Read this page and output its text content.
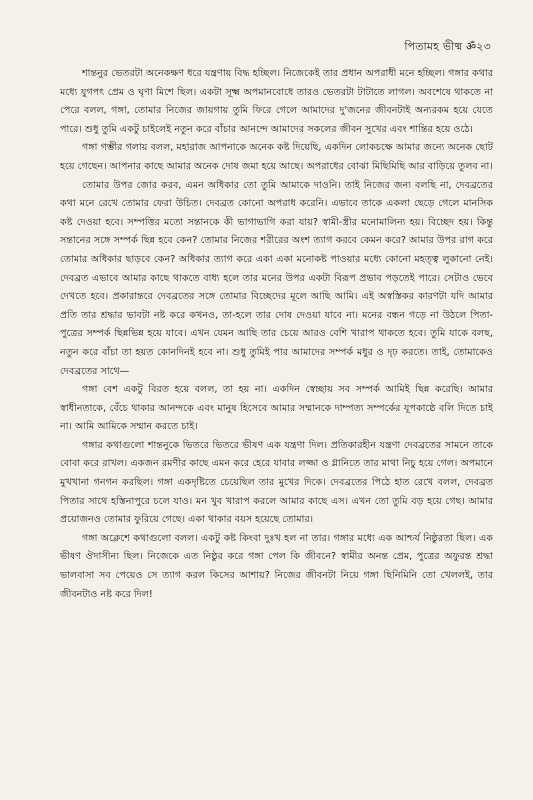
পিতামহ ভীষ্ম ॐ২৩

শান্তনুর ভেতরটা অনেকক্ষণ ধরে যন্ত্রণায় বিদ্ধ হচ্ছিল। নিজেকেই তার প্রধান অপরাধী মনে হচ্ছিল। গঙ্গার কথার মধ্যে যুগপৎ প্রেম ও ঘৃণা মিশে ছিল। একটা সূক্ষ্ম অপমানবোধে তারও ভেতরটা টাটাতে লাগল। অবশেষে থাকতে না পেরে বলল, গঙ্গা, তোমার নিজের জায়গায় তুমি ফিরে গেলে আমাদের দু'জনের জীবনটাই অন্যরকম হয়ে যেতে পারে। শুধু তুমি একটু চাইলেই নতুন করে বাঁচার আনন্দে আমাদের সকলের জীবন সুখের এবং শান্তির হয়ে ওঠে।

গঙ্গা গম্ভীর গলায় বলল, মহারাজ আপনাকে অনেক কষ্ট দিয়েছি, একদিন লোকচক্ষে আমার জন্যে অনেক ছোট হয়ে গেছেন। আপনার কাছে আমার অনেক দোষ জমা হয়ে আছে। অপরাধের বোঝা মিছিমিছি আর বাড়িয়ে তুলব না।

তোমার উপর জোর করব, এমন অধিকার তো তুমি আমাকে দাওনি। তাই নিজের জন্য বলছি না, দেবব্রতের কথা মনে রেখে তোমার ফেরা উচিত। দেবব্রত কোনো অপরাধ করেনি। এভাবে তাকে একলা ছেড়ে গেলে মানসিক কষ্ট দেওয়া হবে। সম্পত্তির মতো সন্তানকে কী ভাগাভাগি করা যায়? স্বামী-স্ত্রীর মনোমালিন্য হয়। বিচ্ছেদ হয়। কিন্তু সন্তানের সঙ্গে সম্পর্ক ছিন্ন হবে কেন? তোমার নিজের শরীরের অংশ ত্যাগ করবে কেমন করে? আমার উপর রাগ করে তোমার অধিকার ছাড়বে কেন? অধিকার ত্যাগ করে একা একা মনোকষ্ট পাওয়ার মধ্যে কোনো মহত্ত্ব লুকানো নেই। দেবব্রত এভাবে আমার কাছে থাকতে বাধ্য হলে তার মনের উপর একটা বিরূপ প্রভাব পড়তেই পারে। সেটাও ভেবে দেখতে হবে। প্রকারান্তরে দেবব্রতের সঙ্গে তোমার বিচ্ছেদের মূলে আছি আমি। এই অস্বস্তিকর কারণটা যদি আমার প্রতি তার শ্রদ্ধার ভাবটা নষ্ট করে কখনও, তা-হলে তার দোষ দেওয়া যাবে না। মনের বন্ধন গড়ে না উঠলে পিতা-পুত্রের সম্পর্ক ছিন্নভিন্ন হয়ে যাবে। এখন যেমন আছি তার চেয়ে আরও বেশি খারাপ থাকতে হবে। তুমি যাকে বলছ, নতুন করে বাঁচা তা হয়ত কোনদিনই হবে না। শুধু তুমিই পার আমাদের সম্পর্ক মধুর ও দৃঢ় করতে। তাই, তোমাকেও দেবব্রতের সাথে—

গঙ্গা বেশ একটু বিরত হয়ে বলল, তা হয় না। একদিন স্বেচ্ছায় সব সম্পর্ক আমিই ছিন্ন করেছি। আমার স্বাধীনতাকে, বেঁচে থাকার আনন্দকে এবং মানুষ হিসেবে আমার সম্মানকে দাম্পত্য সম্পর্কের যূপকাষ্ঠে বলি দিতে চাই না। আমি আমিকে সম্মান করতে চাই।

গঙ্গার কথাগুলো শান্তনুকে ভিতরে ভিতরে ভীষণ এক যন্ত্রণা দিল। প্রতিকারহীন যন্ত্রণা দেবব্রতের সামনে তাকে বোবা করে রাখল। একজন রমণীর কাছে এমন করে হেরে যাবার লজ্জা ও গ্লানিতে তার মাথা নিচু হয়ে গেল। অপমানে মুখখানা গনগন করছিল। গঙ্গা একদৃষ্টিতে চেয়েছিল তার মুখের দিকে। দেবব্রতের পিঠে হাত রেখে বলল, দেবব্রত পিতার সাথে হস্তিনাপুরে চলে যাও। মন খুব খারাপ করলে আমার কাছে এস। এখন তো তুমি বড় হয়ে গেছ। আমার প্রয়োজনও তোমার ফুরিয়ে গেছে। একা থাকার বয়স হয়েছে তোমার।

গঙ্গা অক্লেশে কথাগুলো বলল। একটু কষ্ট কিংবা দুঃখ হল না তার। গঙ্গার মধ্যে এক আশ্চর্য নিষ্ঠুরতা ছিল। এক ভীষণ ঔদাসীন্য ছিল। নিজেকে এত নিষ্ঠুর করে গঙ্গা পেল কি জীবনে? স্বামীর অনন্ত প্রেম, পুত্রের অফুরন্ত শ্রদ্ধা ভালবাসা সব পেয়েও সে ত্যাগ করল কিসের আশায়? নিজের জীবনটা নিয়ে গঙ্গা ছিনিমিনি তো খেললই, তার জীবনটাও নষ্ট করে দিল!
